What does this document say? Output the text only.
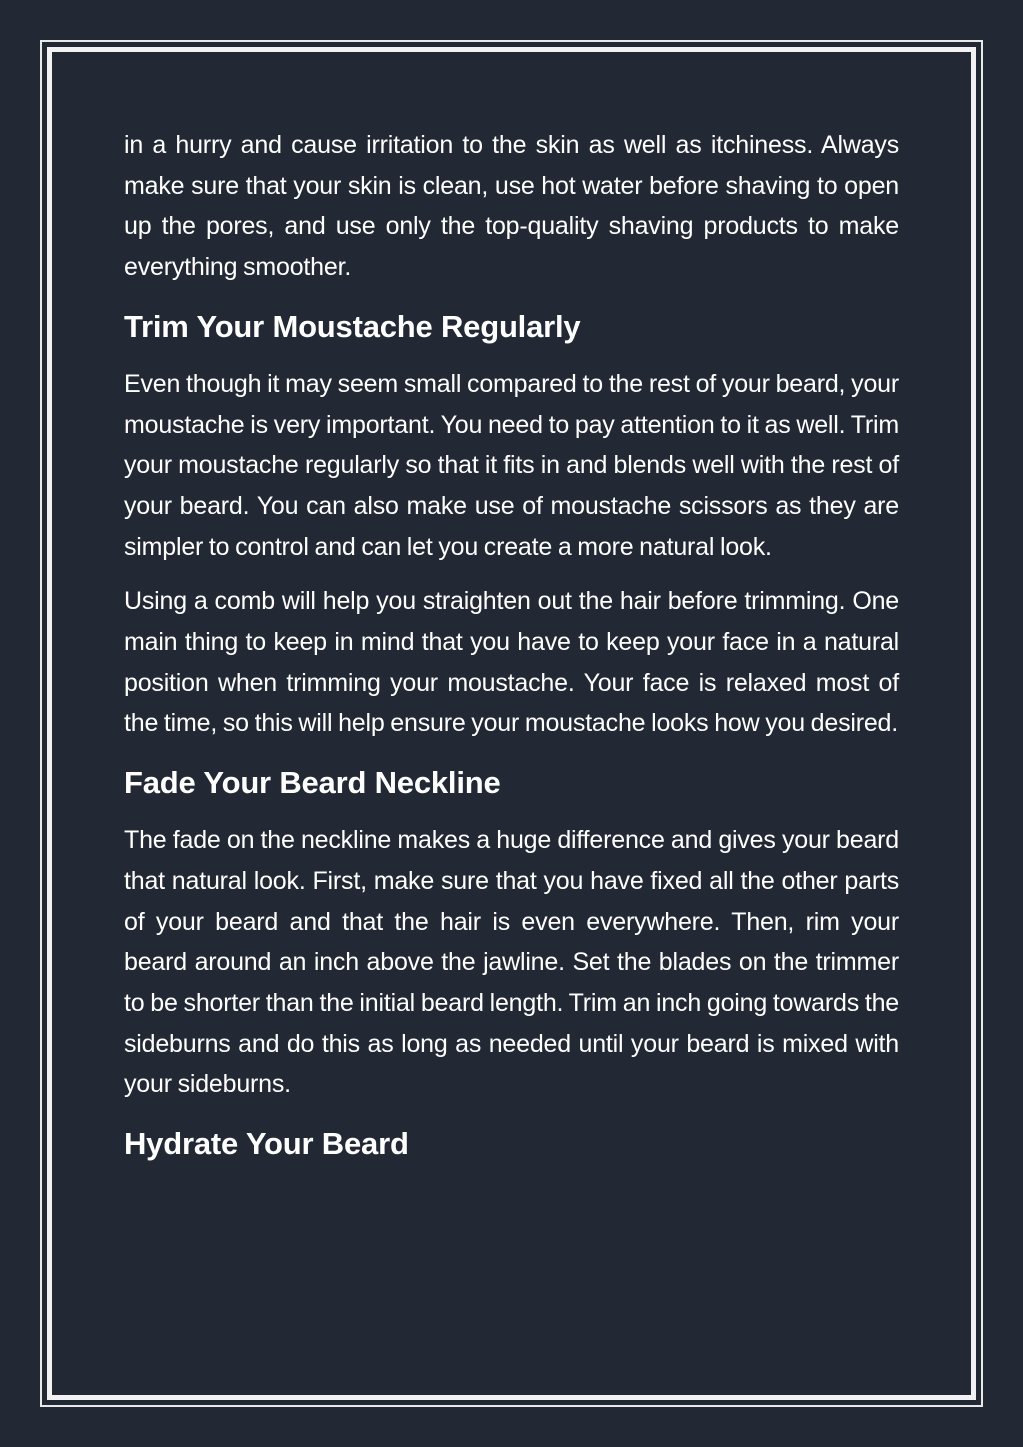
in a hurry and cause irritation to the skin as well as itchiness. Always make sure that your skin is clean, use hot water before shaving to open up the pores, and use only the top-quality shaving products to make everything smoother.

Trim Your Moustache Regularly

Even though it may seem small compared to the rest of your beard, your moustache is very important. You need to pay attention to it as well. Trim your moustache regularly so that it fits in and blends well with the rest of your beard. You can also make use of moustache scissors as they are simpler to control and can let you create a more natural look.

Using a comb will help you straighten out the hair before trimming. One main thing to keep in mind that you have to keep your face in a natural position when trimming your moustache. Your face is relaxed most of the time, so this will help ensure your moustache looks how you desired.

Fade Your Beard Neckline

The fade on the neckline makes a huge difference and gives your beard that natural look. First, make sure that you have fixed all the other parts of your beard and that the hair is even everywhere. Then, rim your beard around an inch above the jawline. Set the blades on the trimmer to be shorter than the initial beard length. Trim an inch going towards the sideburns and do this as long as needed until your beard is mixed with your sideburns.

Hydrate Your Beard
